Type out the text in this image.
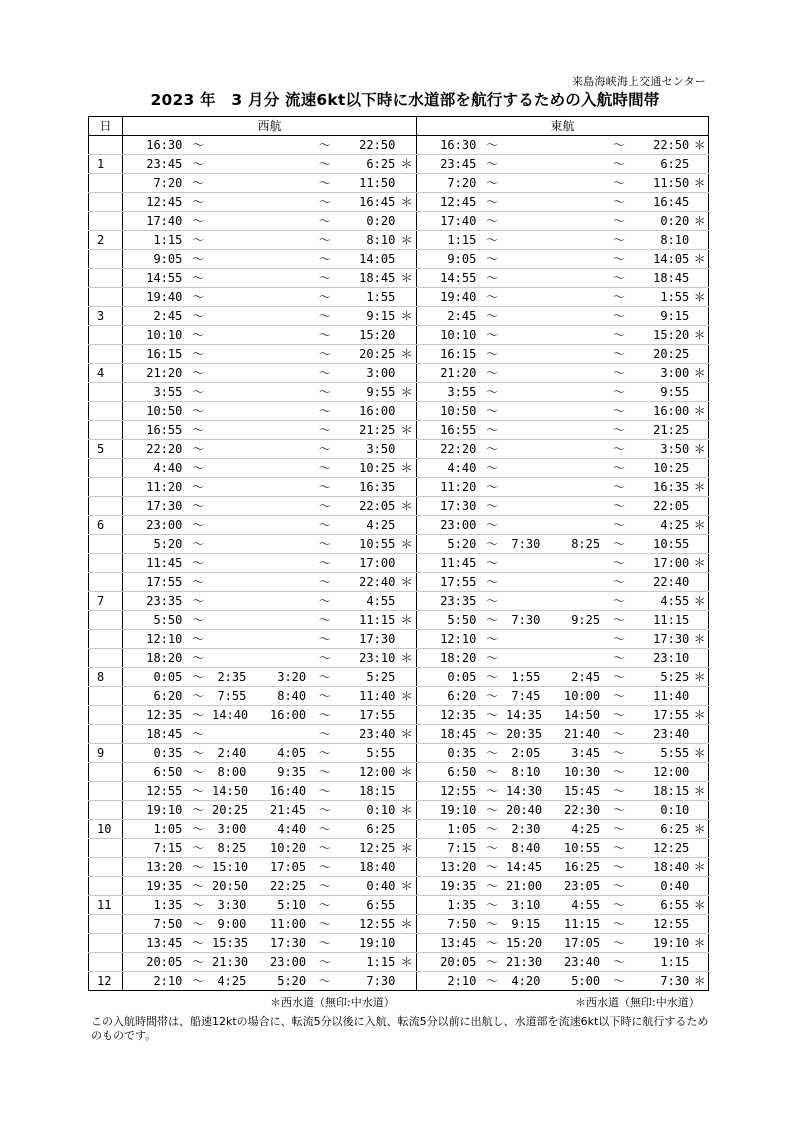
来島海峡海上交通センター
2023 年　3 月分 流速6kt以下時に水道部を航行するための入航時間帯
日	西航							東航						
	16:30	～			～	22:50		16:30	～			～	22:50	＊
1	23:45	～			～	6:25	＊	23:45	～			～	6:25	
	7:20	～			～	11:50		7:20	～			～	11:50	＊
	12:45	～			～	16:45	＊	12:45	～			～	16:45	
	17:40	～			～	0:20		17:40	～			～	0:20	＊
2	1:15	～			～	8:10	＊	1:15	～			～	8:10	
	9:05	～			～	14:05		9:05	～			～	14:05	＊
	14:55	～			～	18:45	＊	14:55	～			～	18:45	
	19:40	～			～	1:55		19:40	～			～	1:55	＊
3	2:45	～			～	9:15	＊	2:45	～			～	9:15	
	10:10	～			～	15:20		10:10	～			～	15:20	＊
	16:15	～			～	20:25	＊	16:15	～			～	20:25	
4	21:20	～			～	3:00		21:20	～			～	3:00	＊
	3:55	～			～	9:55	＊	3:55	～			～	9:55	
	10:50	～			～	16:00		10:50	～			～	16:00	＊
	16:55	～			～	21:25	＊	16:55	～			～	21:25	
5	22:20	～			～	3:50		22:20	～			～	3:50	＊
	4:40	～			～	10:25	＊	4:40	～			～	10:25	
	11:20	～			～	16:35		11:20	～			～	16:35	＊
	17:30	～			～	22:05	＊	17:30	～			～	22:05	
6	23:00	～			～	4:25		23:00	～			～	4:25	＊
	5:20	～			～	10:55	＊	5:20	～	7:30	8:25	～	10:55	
	11:45	～			～	17:00		11:45	～			～	17:00	＊
	17:55	～			～	22:40	＊	17:55	～			～	22:40	
7	23:35	～			～	4:55		23:35	～			～	4:55	＊
	5:50	～			～	11:15	＊	5:50	～	7:30	9:25	～	11:15	
	12:10	～			～	17:30		12:10	～			～	17:30	＊
	18:20	～			～	23:10	＊	18:20	～			～	23:10	
8	0:05	～	2:35	3:20	～	5:25		0:05	～	1:55	2:45	～	5:25	＊
	6:20	～	7:55	8:40	～	11:40	＊	6:20	～	7:45	10:00	～	11:40	
	12:35	～	14:40	16:00	～	17:55		12:35	～	14:35	14:50	～	17:55	＊
	18:45	～			～	23:40	＊	18:45	～	20:35	21:40	～	23:40	
9	0:35	～	2:40	4:05	～	5:55		0:35	～	2:05	3:45	～	5:55	＊
	6:50	～	8:00	9:35	～	12:00	＊	6:50	～	8:10	10:30	～	12:00	
	12:55	～	14:50	16:40	～	18:15		12:55	～	14:30	15:45	～	18:15	＊
	19:10	～	20:25	21:45	～	0:10	＊	19:10	～	20:40	22:30	～	0:10	
10	1:05	～	3:00	4:40	～	6:25		1:05	～	2:30	4:25	～	6:25	＊
	7:15	～	8:25	10:20	～	12:25	＊	7:15	～	8:40	10:55	～	12:25	
	13:20	～	15:10	17:05	～	18:40		13:20	～	14:45	16:25	～	18:40	＊
	19:35	～	20:50	22:25	～	0:40	＊	19:35	～	21:00	23:05	～	0:40	
11	1:35	～	3:30	5:10	～	6:55		1:35	～	3:10	4:55	～	6:55	＊
	7:50	～	9:00	11:00	～	12:55	＊	7:50	～	9:15	11:15	～	12:55	
	13:45	～	15:35	17:30	～	19:10		13:45	～	15:20	17:05	～	19:10	＊
	20:05	～	21:30	23:00	～	1:15	＊	20:05	～	21:30	23:40	～	1:15	
12	2:10	～	4:25	5:20	～	7:30		2:10	～	4:20	5:00	～	7:30	＊
＊西水道（無印:中水道）	＊西水道（無印:中水道）
この入航時間帯は、船速12ktの場合に、転流5分以後に入航、転流5分以前に出航し、水道部を流速6kt以下時に航行するためのものです。
